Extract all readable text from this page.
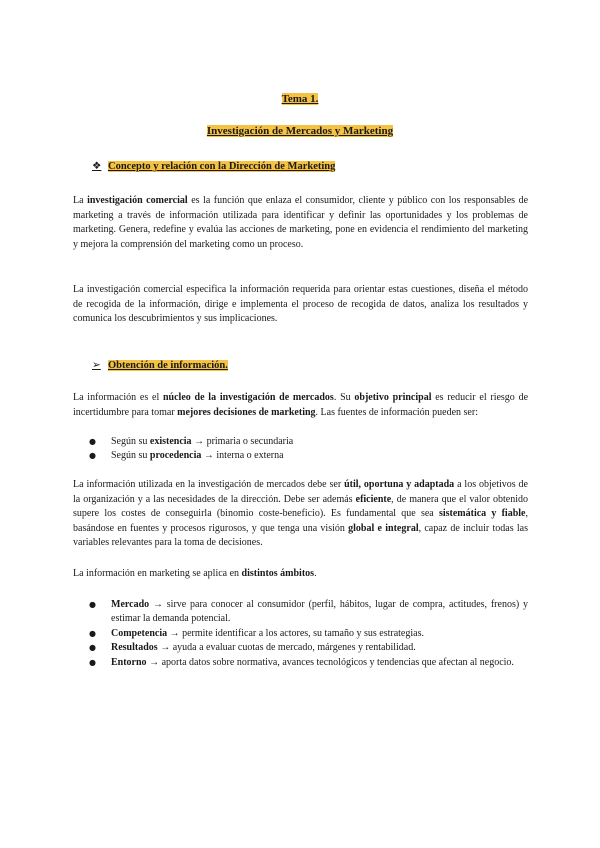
Tema 1.
Investigación de Mercados y Marketing
❖ Concepto y relación con la Dirección de Marketing

La investigación comercial es la función que enlaza el consumidor, cliente y público con los responsables de marketing a través de información utilizada para identificar y definir las oportunidades y los problemas de marketing. Genera, redefine y evalúa las acciones de marketing, pone en evidencia el rendimiento del marketing y mejora la comprensión del marketing como un proceso.

La investigación comercial especifica la información requerida para orientar estas cuestiones, diseña el método de recogida de la información, dirige e implementa el proceso de recogida de datos, analiza los resultados y comunica los descubrimientos y sus implicaciones.

➢ Obtención de información.

La información es el núcleo de la investigación de mercados. Su objetivo principal es reducir el riesgo de incertidumbre para tomar mejores decisiones de marketing. Las fuentes de información pueden ser:

● Según su existencia → primaria o secundaria
● Según su procedencia → interna o externa

La información utilizada en la investigación de mercados debe ser útil, oportuna y adaptada a los objetivos de la organización y a las necesidades de la dirección. Debe ser además eficiente, de manera que el valor obtenido supere los costes de conseguirla (binomio coste-beneficio). Es fundamental que sea sistemática y fiable, basándose en fuentes y procesos rigurosos, y que tenga una visión global e integral, capaz de incluir todas las variables relevantes para la toma de decisiones.

La información en marketing se aplica en distintos ámbitos.

● Mercado → sirve para conocer al consumidor (perfil, hábitos, lugar de compra, actitudes, frenos) y estimar la demanda potencial.
● Competencia → permite identificar a los actores, su tamaño y sus estrategias.
● Resultados → ayuda a evaluar cuotas de mercado, márgenes y rentabilidad.
● Entorno → aporta datos sobre normativa, avances tecnológicos y tendencias que afectan al negocio.
